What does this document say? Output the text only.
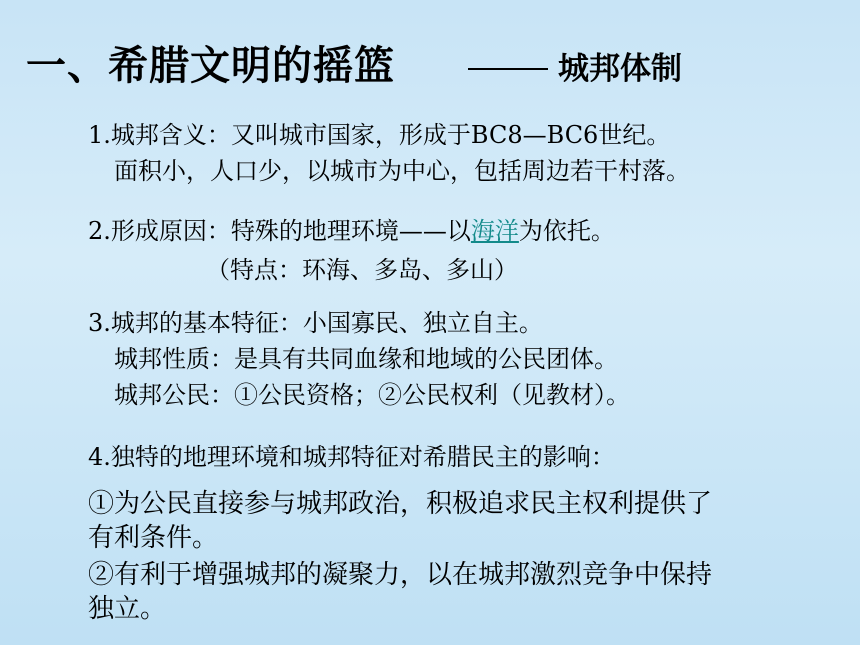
一、希腊文明的摇篮	城邦体制
1.城邦含义：又叫城市国家，形成于BC8—BC6世纪。
面积小，人口少，以城市为中心，包括周边若干村落。
2.形成原因：特殊的地理环境——以海洋为依托。
（特点：环海、多岛、多山）
3.城邦的基本特征：小国寡民、独立自主。
城邦性质：是具有共同血缘和地域的公民团体。
城邦公民：①公民资格；②公民权利（见教材）。
4.独特的地理环境和城邦特征对希腊民主的影响：
①为公民直接参与城邦政治，积极追求民主权利提供了
有利条件。
②有利于增强城邦的凝聚力，以在城邦激烈竞争中保持
独立。
